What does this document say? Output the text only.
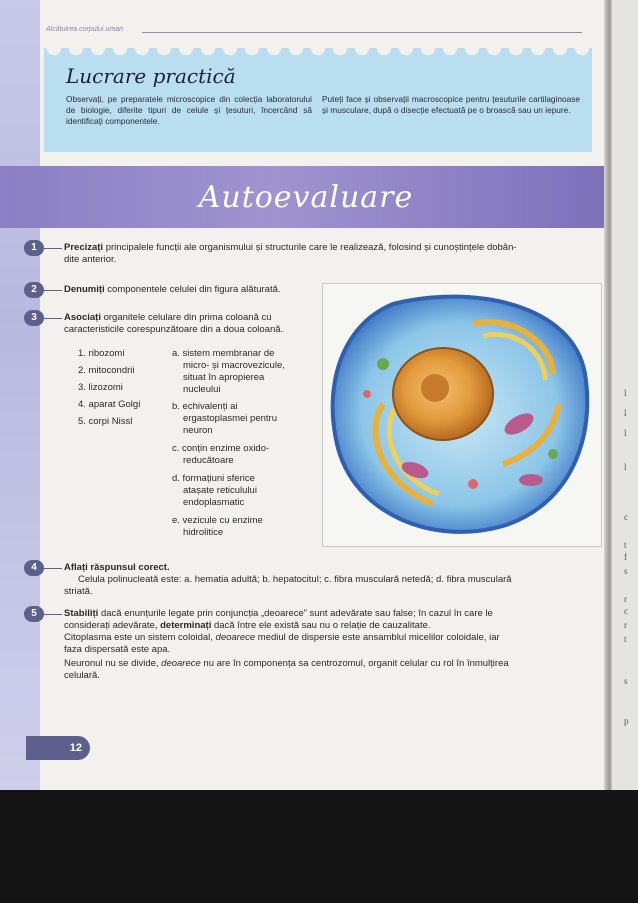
Alcătuirea corpului uman
Lucrare practică
Observați, pe preparatele microscopice din colecția laboratorului de biologie, diferite tipuri de celule și țesuturi, încercând să identificați componentele.
Puteți face și observații macroscopice pentru țesuturile cartilaginoase și musculare, după o disecție efectuată pe o broască sau un iepure.
Autoevaluare
1	Precizați principalele funcții ale organismului și structurile care le realizează, folosind și cunoștințele dobân-
dite anterior.
2	Denumiți componentele celulei din figura alăturată.
3	Asociați organitele celulare din prima coloană cu
caracteristicile corespunzătoare din a doua coloană.
1. ribozomi
2. mitocondrii
3. lizozomi
4. aparat Golgi
5. corpi Nissl
a. sistem membranar de
micro- și macrovezicule,
situat în apropierea
nucleului
b. echivalenți ai
ergastoplasmei pentru
neuron
c. conțin enzime oxido-
reducătoare
d. formațiuni sferice
atașate reticulului
endoplasmatic
e. vezicule cu enzime
hidrolitice
4	Aflați răspunsul corect.
Celula polinucleată este: a. hematia adultă; b. hepatocitul; c. fibra musculară netedă; d. fibra musculară
striată.
5	Stabiliți dacă enunțurile legate prin conjuncția „deoarece” sunt adevărate sau false; în cazul în care le
considerați adevărate, determinați dacă între ele există sau nu o relație de cauzalitate.
Citoplasma este un sistem coloidal, deoarece mediul de dispersie este ansamblul micelilor coloidale, iar
faza dispersată este apa.
Neuronul nu se divide, deoarece nu are în componența sa centrozomul, organit celular cu rol în înmulțirea
celulară.
12
l
l
l
l
c
t
f
s
r
c
r
t
s
p
